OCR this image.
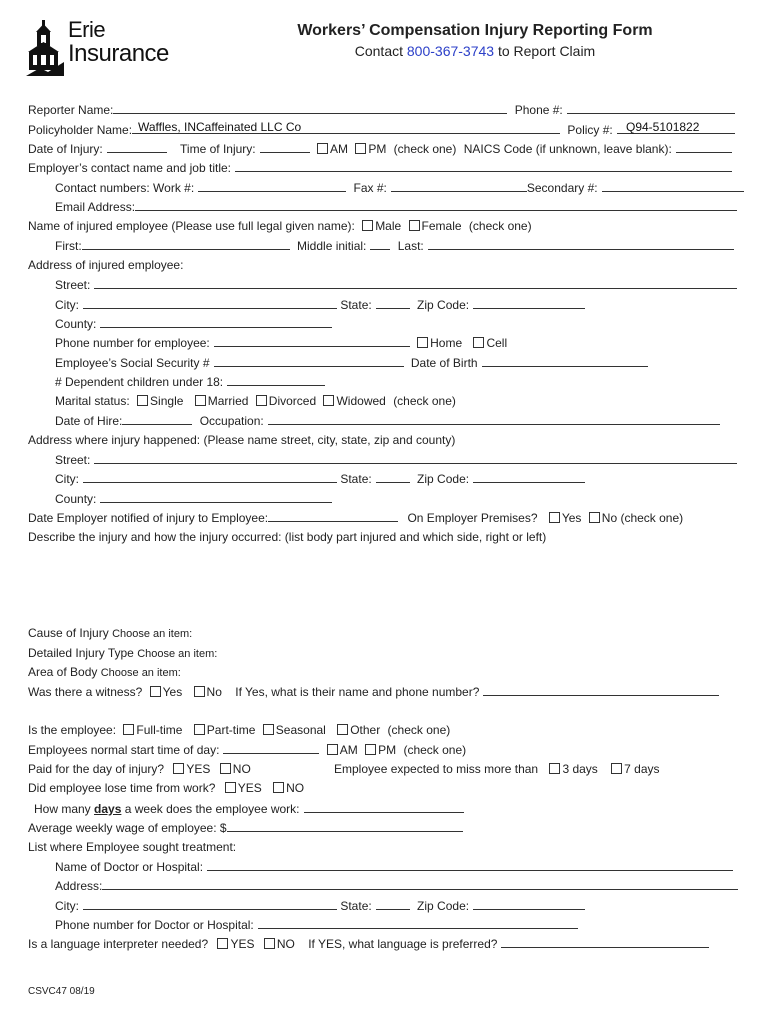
Erie
Insurance
Workers’ Compensation Injury Reporting Form
Contact 800-367-3743 to Report Claim
Reporter Name:	Phone #:
Policyholder Name:	Policy #:
Waffles, INCaffeinated LLC Co	Q94-5101822
Date of Injury:	Time of Injury:	AM PM (check one) NAICS Code (if unknown, leave blank):
Employer’s contact name and job title:
Contact numbers: Work #:	Fax #:	Secondary #:
Email Address:
Name of injured employee (Please use full legal given name): Male Female (check one)
First:	Middle initial:	Last:
Address of injured employee:
Street:
City:	State:	Zip Code:
County:
Phone number for employee:	Home Cell
Employee’s Social Security #	Date of Birth
# Dependent children under 18:
Marital status: Single Married Divorced Widowed (check one)
Date of Hire:	Occupation:
Address where injury happened: (Please name street, city, state, zip and county)
Street:
City:	State:	Zip Code:
County:
Date Employer notified of injury to Employee:	On Employer Premises? Yes No (check one)
Describe the injury and how the injury occurred: (list body part injured and which side, right or left)
Cause of Injury Choose an item:
Detailed Injury Type Choose an item:
Area of Body Choose an item:
Was there a witness? Yes No If Yes, what is their name and phone number?
Is the employee: Full-time Part-time Seasonal Other (check one)
Employees normal start time of day:	AM PM (check one)
Paid for the day of injury? YES NO	Employee expected to miss more than 3 days 7 days
Did employee lose time from work? YES NO
How many days a week does the employee work:
Average weekly wage of employee: $
List where Employee sought treatment:
Name of Doctor or Hospital:
Address:
City:	State:	Zip Code:
Phone number for Doctor or Hospital:
Is a language interpreter needed? YES NO If YES, what language is preferred?
CSVC47 08/19
